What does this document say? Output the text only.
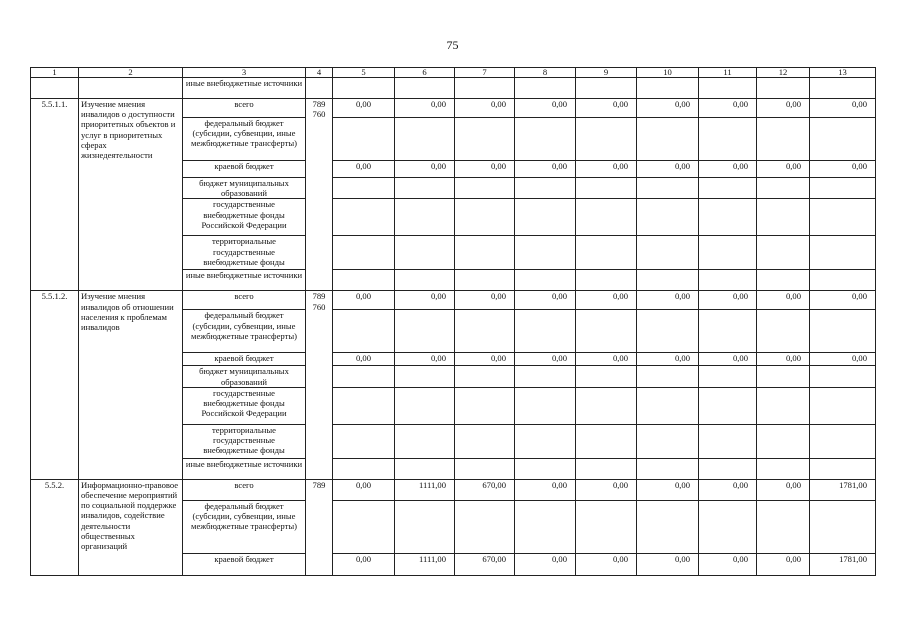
75
1	2	3	4	5	6	7	8	9	10	11	12	13
		иные внебюджетные источники										
5.5.1.1.	Изучение мнения инвалидов о доступности приоритетных объектов и услуг в приоритетных сферах жизнедеятельности	всего	789 760	0,00	0,00	0,00	0,00	0,00	0,00	0,00	0,00	0,00
		федеральный бюджет (субсидии, субвенции, иные межбюджетные трансферты)										
		краевой бюджет		0,00	0,00	0,00	0,00	0,00	0,00	0,00	0,00	0,00
		бюджет муниципальных образований										
		государственные внебюджетные фонды Российской Федерации										
		территориальные государственные внебюджетные фонды										
		иные внебюджетные источники										
5.5.1.2.	Изучение мнения инвалидов об отношении населения к проблемам инвалидов	всего	789 760	0,00	0,00	0,00	0,00	0,00	0,00	0,00	0,00	0,00
		федеральный бюджет (субсидии, субвенции, иные межбюджетные трансферты)										
		краевой бюджет		0,00	0,00	0,00	0,00	0,00	0,00	0,00	0,00	0,00
		бюджет муниципальных образований										
		государственные внебюджетные фонды Российской Федерации										
		территориальные государственные внебюджетные фонды										
		иные внебюджетные источники										
5.5.2.	Информационно-правовое обеспечение мероприятий по социальной поддержке инвалидов, содействие деятельности общественных организаций	всего	789	0,00	1111,00	670,00	0,00	0,00	0,00	0,00	0,00	1781,00
		федеральный бюджет (субсидии, субвенции, иные межбюджетные трансферты)										
		краевой бюджет		0,00	1111,00	670,00	0,00	0,00	0,00	0,00	0,00	1781,00
